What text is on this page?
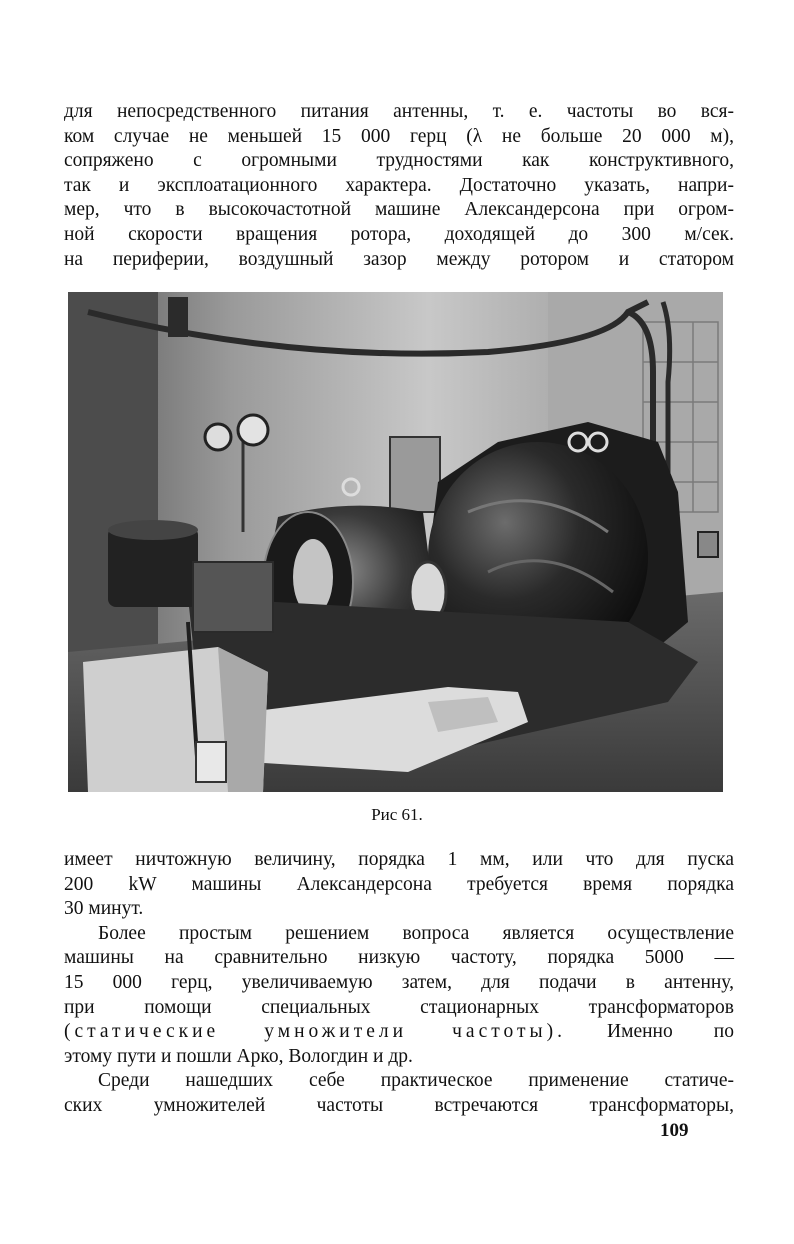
для непосредственного питания антенны, т. е. частоты во вся-
ком случае не меньшей 15 000 герц (λ не больше 20 000 м),
сопряжено с огромными трудностями как конструктивного,
так и эксплоатационного характера. Достаточно указать, напри-
мер, что в высокочастотной машине Александерсона при огром-
ной скорости вращения ротора, доходящей до 300 м/сек.
на периферии, воздушный зазор между ротором и статором
Рис 61.
имеет ничтожную величину, порядка 1 мм, или что для пуска
200 kW машины Александерсона требуется время порядка
30 минут.
Более простым решением вопроса является осуществление
машины на сравнительно низкую частоту, порядка 5000 —
15 000 герц, увеличиваемую затем, для подачи в антенну,
при помощи специальных стационарных трансформаторов
(статические умножители частоты). Именно по
этому пути и пошли Арко, Вологдин и др.
Среди нашедших себе практическое применение статиче-
ских умножителей частоты встречаются трансформаторы,
109
